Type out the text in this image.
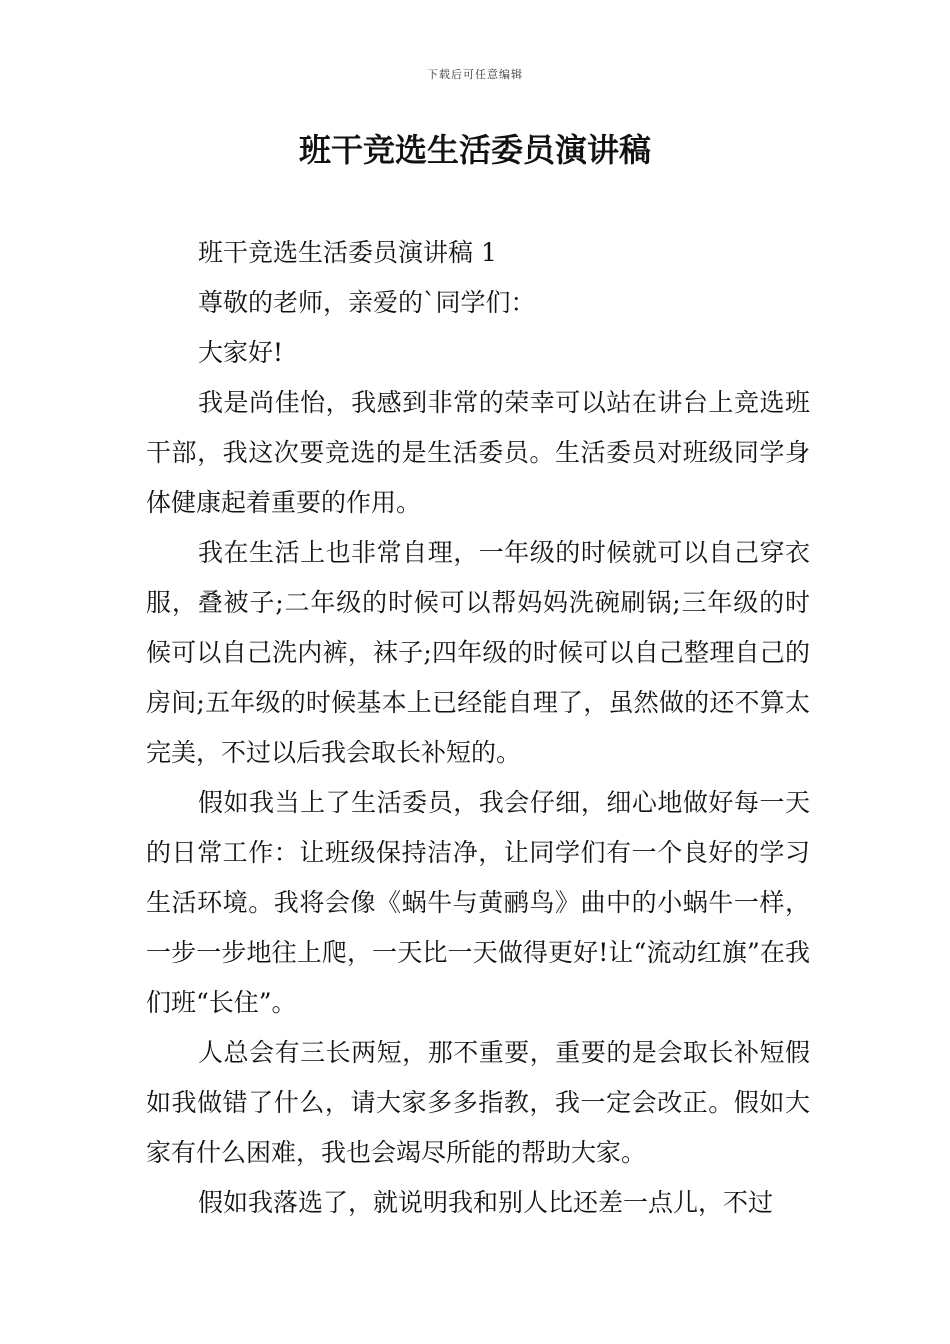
下载后可任意编辑
班干竞选生活委员演讲稿

班干竞选生活委员演讲稿 1

尊敬的老师，亲爱的`同学们：

大家好!

我是尚佳怡，我感到非常的荣幸可以站在讲台上竞选班干部，我这次要竞选的是生活委员。生活委员对班级同学身体健康起着重要的作用。

我在生活上也非常自理，一年级的时候就可以自己穿衣服，叠被子;二年级的时候可以帮妈妈洗碗刷锅;三年级的时候可以自己洗内裤，袜子;四年级的时候可以自己整理自己的房间;五年级的时候基本上已经能自理了，虽然做的还不算太完美，不过以后我会取长补短的。

假如我当上了生活委员，我会仔细，细心地做好每一天的日常工作：让班级保持洁净，让同学们有一个良好的学习生活环境。我将会像《蜗牛与黄鹂鸟》曲中的小蜗牛一样，一步一步地往上爬，一天比一天做得更好!让“流动红旗”在我们班“长住”。

人总会有三长两短，那不重要，重要的是会取长补短假如我做错了什么，请大家多多指教，我一定会改正。假如大家有什么困难，我也会竭尽所能的帮助大家。

假如我落选了，就说明我和别人比还差一点儿，不过
